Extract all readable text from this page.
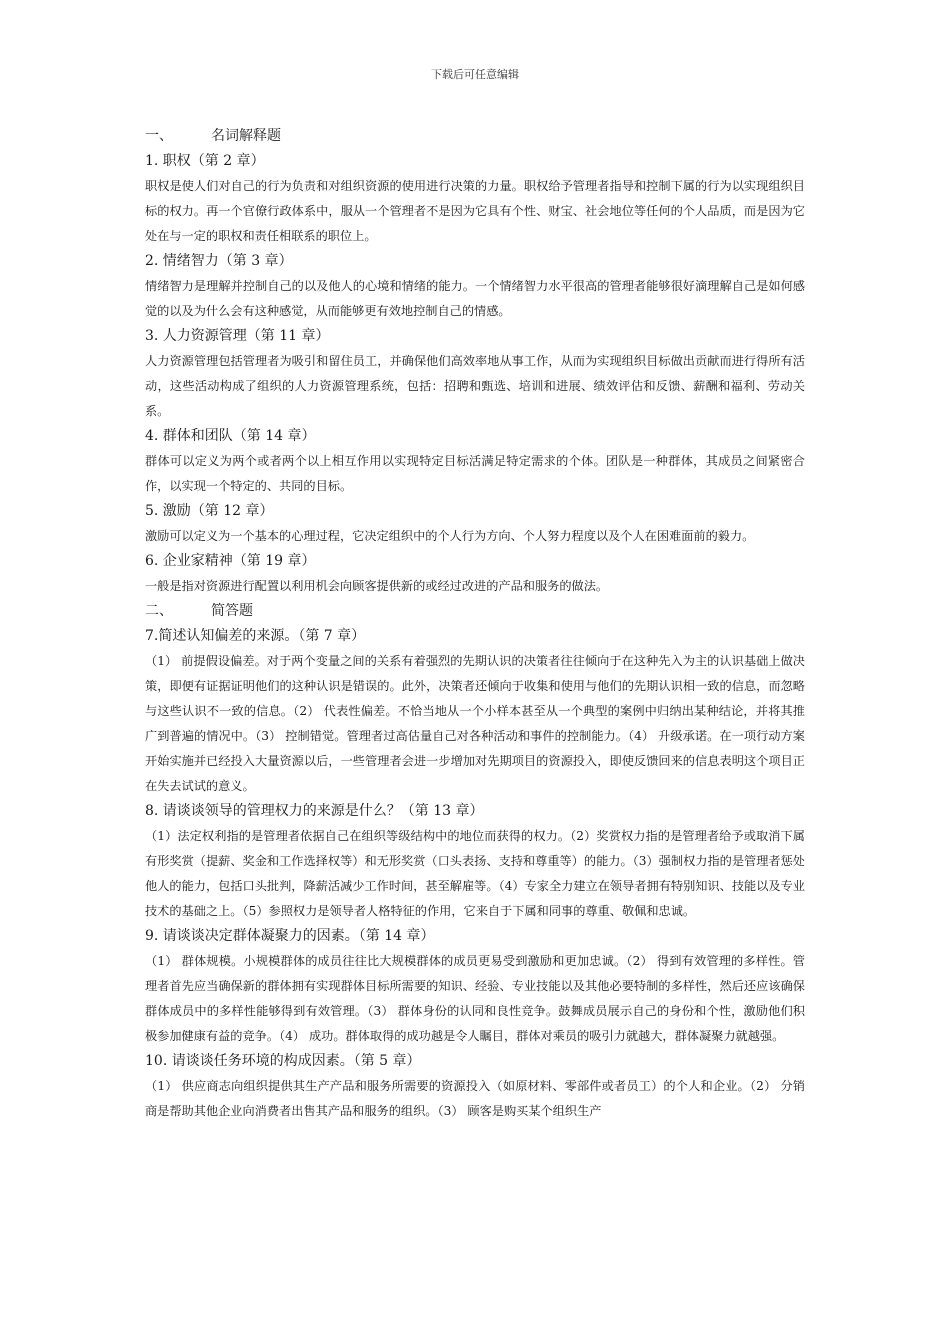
下载后可任意编辑
一、	名词解释题
1. 职权（第 2 章）
职权是使人们对自己的行为负责和对组织资源的使用进行决策的力量。职权给予管理者指导和控制下属的行为以实现组织目标的权力。再一个官僚行政体系中，服从一个管理者不是因为它具有个性、财宝、社会地位等任何的个人品质，而是因为它处在与一定的职权和责任相联系的职位上。
2. 情绪智力（第 3 章）
情绪智力是理解并控制自己的以及他人的心境和情绪的能力。一个情绪智力水平很高的管理者能够很好滴理解自己是如何感觉的以及为什么会有这种感觉，从而能够更有效地控制自己的情感。
3. 人力资源管理（第 11 章）
人力资源管理包括管理者为吸引和留住员工，并确保他们高效率地从事工作，从而为实现组织目标做出贡献而进行得所有活动，这些活动构成了组织的人力资源管理系统，包括：招聘和甄选、培训和进展、绩效评估和反馈、薪酬和福利、劳动关系。
4. 群体和团队（第 14 章）
群体可以定义为两个或者两个以上相互作用以实现特定目标活满足特定需求的个体。团队是一种群体，其成员之间紧密合作，以实现一个特定的、共同的目标。
5. 激励（第 12 章）
激励可以定义为一个基本的心理过程，它决定组织中的个人行为方向、个人努力程度以及个人在困难面前的毅力。
6. 企业家精神（第 19 章）
一般是指对资源进行配置以利用机会向顾客提供新的或经过改进的产品和服务的做法。
二、	简答题
7.简述认知偏差的来源。（第 7 章）
（1） 前提假设偏差。对于两个变量之间的关系有着强烈的先期认识的决策者往往倾向于在这种先入为主的认识基础上做决策，即便有证据证明他们的这种认识是错误的。此外，决策者还倾向于收集和使用与他们的先期认识相一致的信息，而忽略与这些认识不一致的信息。（2） 代表性偏差。不恰当地从一个小样本甚至从一个典型的案例中归纳出某种结论，并将其推广到普遍的情况中。（3） 控制错觉。管理者过高估量自己对各种活动和事件的控制能力。（4） 升级承诺。在一项行动方案开始实施并已经投入大量资源以后，一些管理者会进一步增加对先期项目的资源投入，即使反馈回来的信息表明这个项目正在失去试试的意义。
8. 请谈谈领导的管理权力的来源是什么？（第 13 章）
（1）法定权利指的是管理者依据自己在组织等级结构中的地位而获得的权力。（2）奖赏权力指的是管理者给予或取消下属有形奖赏（提薪、奖金和工作选择权等）和无形奖赏（口头表扬、支持和尊重等）的能力。（3）强制权力指的是管理者惩处他人的能力，包括口头批判，降薪活减少工作时间，甚至解雇等。（4）专家全力建立在领导者拥有特别知识、技能以及专业技术的基础之上。（5）参照权力是领导者人格特征的作用，它来自于下属和同事的尊重、敬佩和忠诚。
9. 请谈谈决定群体凝聚力的因素。（第 14 章）
（1） 群体规模。小规模群体的成员往往比大规模群体的成员更易受到激励和更加忠诚。（2） 得到有效管理的多样性。管理者首先应当确保新的群体拥有实现群体目标所需要的知识、经验、专业技能以及其他必要特制的多样性，然后还应该确保群体成员中的多样性能够得到有效管理。（3） 群体身份的认同和良性竞争。鼓舞成员展示自己的身份和个性，激励他们积极参加健康有益的竞争。（4） 成功。群体取得的成功越是令人瞩目，群体对乘员的吸引力就越大，群体凝聚力就越强。
10. 请谈谈任务环境的构成因素。（第 5 章）
（1） 供应商志向组织提供其生产产品和服务所需要的资源投入（如原材料、零部件或者员工）的个人和企业。（2） 分销商是帮助其他企业向消费者出售其产品和服务的组织。（3） 顾客是购买某个组织生产
